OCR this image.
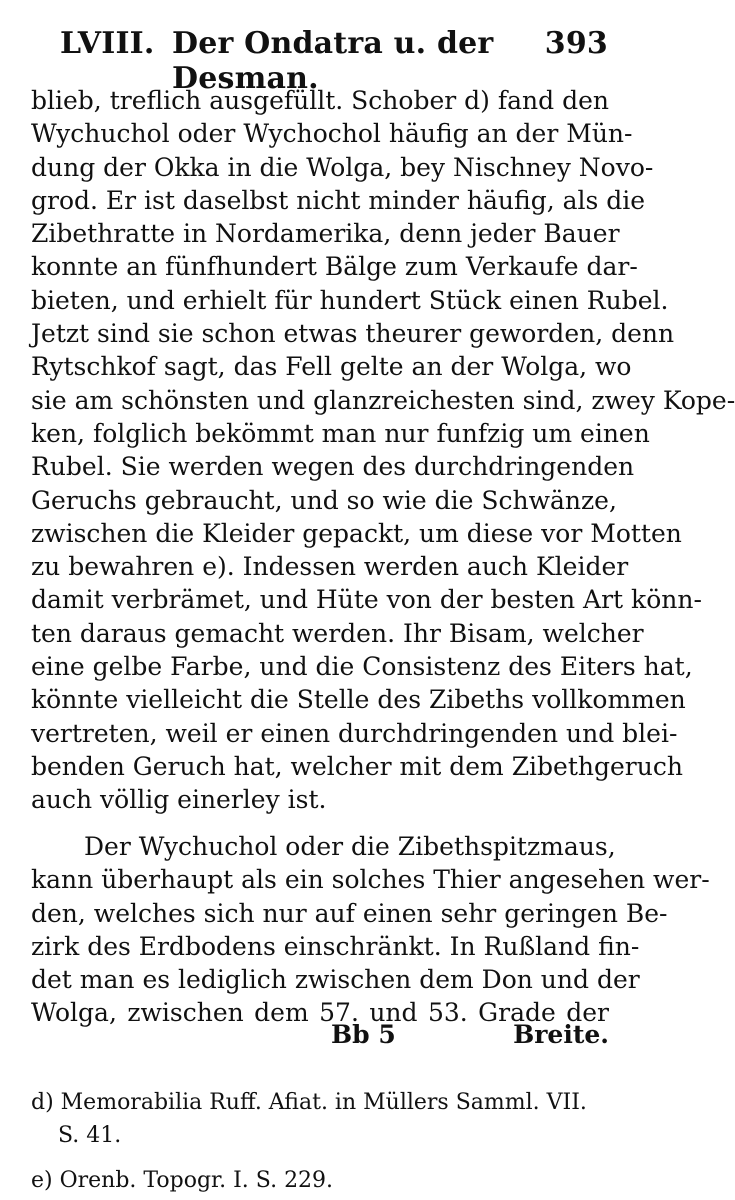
LVIII. Der Ondatra u. der Desman.
393
blieb, treflich ausgefüllt. Schober d) fand den
Wychuchol oder Wychochol häufig an der Mün-
dung der Okka in die Wolga, bey Nischney Novo-
grod. Er ist daselbst nicht minder häufig, als die
Zibethratte in Nordamerika, denn jeder Bauer
konnte an fünfhundert Bälge zum Verkaufe dar-
bieten, und erhielt für hundert Stück einen Rubel.
Jetzt sind sie schon etwas theurer geworden, denn
Rytschkof sagt, das Fell gelte an der Wolga, wo
sie am schönsten und glanzreichesten sind, zwey Kope-
ken, folglich bekömmt man nur funfzig um einen
Rubel. Sie werden wegen des durchdringenden
Geruchs gebraucht, und so wie die Schwänze,
zwischen die Kleider gepackt, um diese vor Motten
zu bewahren e). Indessen werden auch Kleider
damit verbrämet, und Hüte von der besten Art könn-
ten daraus gemacht werden. Ihr Bisam, welcher
eine gelbe Farbe, und die Consistenz des Eiters hat,
könnte vielleicht die Stelle des Zibeths vollkommen
vertreten, weil er einen durchdringenden und blei-
benden Geruch hat, welcher mit dem Zibethgeruch
auch völlig einerley ist.
Der Wychuchol oder die Zibethspitzmaus,
kann überhaupt als ein solches Thier angesehen wer-
den, welches sich nur auf einen sehr geringen Be-
zirk des Erdbodens einschränkt. In Rußland fin-
det man es lediglich zwischen dem Don und der
Wolga, zwischen dem 57. und 53. Grade der
Bb 5	Breite.
d) Memorabilia Ruff. Afiat. in Müllers Samml. VII.
S. 41.
e) Orenb. Topogr. I. S. 229.
